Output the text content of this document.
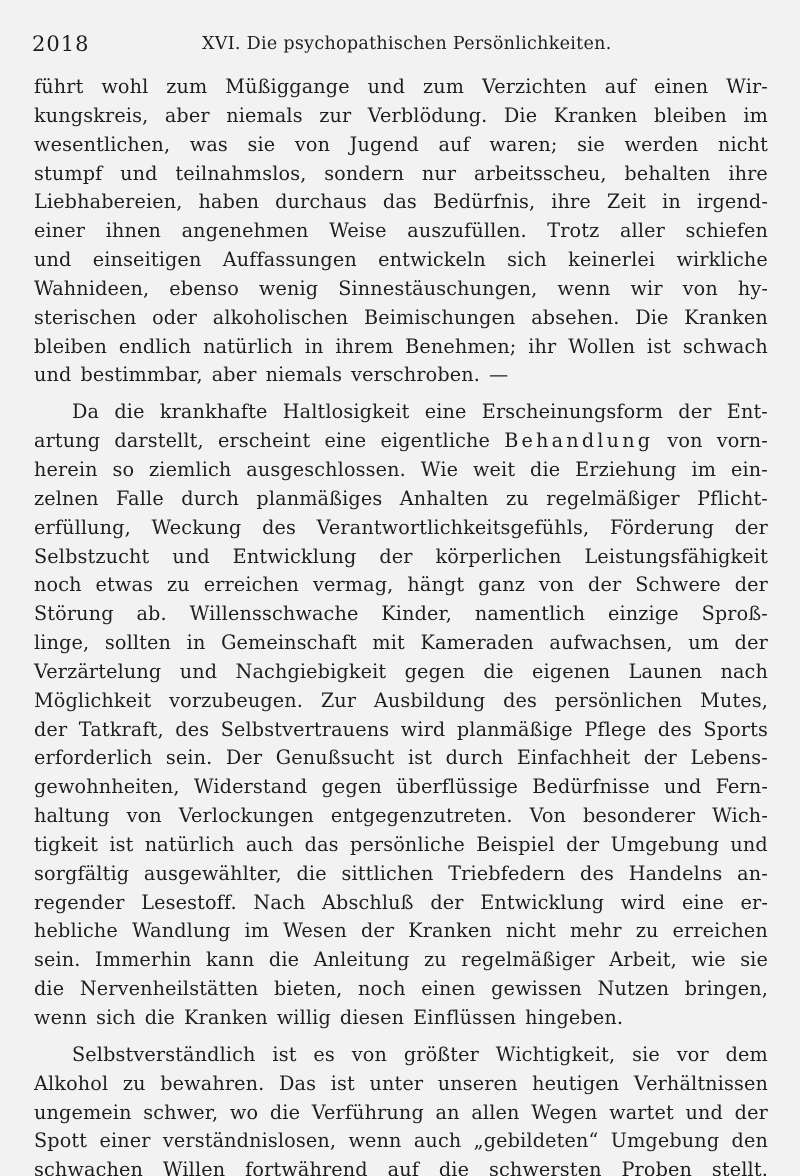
2018	XVI. Die psychopathischen Persönlichkeiten.
führt wohl zum Müßiggange und zum Verzichten auf einen Wir-
kungskreis, aber niemals zur Verblödung. Die Kranken bleiben im
wesentlichen, was sie von Jugend auf waren; sie werden nicht
stumpf und teilnahmslos, sondern nur arbeitsscheu, behalten ihre
Liebhabereien, haben durchaus das Bedürfnis, ihre Zeit in irgend-
einer ihnen angenehmen Weise auszufüllen. Trotz aller schiefen
und einseitigen Auffassungen entwickeln sich keinerlei wirkliche
Wahnideen, ebenso wenig Sinnestäuschungen, wenn wir von hy-
sterischen oder alkoholischen Beimischungen absehen. Die Kranken
bleiben endlich natürlich in ihrem Benehmen; ihr Wollen ist schwach
und bestimmbar, aber niemals verschroben. —
Da die krankhafte Haltlosigkeit eine Erscheinungsform der Ent-
artung darstellt, erscheint eine eigentliche Behandlung von vorn-
herein so ziemlich ausgeschlossen. Wie weit die Erziehung im ein-
zelnen Falle durch planmäßiges Anhalten zu regelmäßiger Pflicht-
erfüllung, Weckung des Verantwortlichkeitsgefühls, Förderung der
Selbstzucht und Entwicklung der körperlichen Leistungsfähigkeit
noch etwas zu erreichen vermag, hängt ganz von der Schwere der
Störung ab. Willensschwache Kinder, namentlich einzige Sproß-
linge, sollten in Gemeinschaft mit Kameraden aufwachsen, um der
Verzärtelung und Nachgiebigkeit gegen die eigenen Launen nach
Möglichkeit vorzubeugen. Zur Ausbildung des persönlichen Mutes,
der Tatkraft, des Selbstvertrauens wird planmäßige Pflege des Sports
erforderlich sein. Der Genußsucht ist durch Einfachheit der Lebens-
gewohnheiten, Widerstand gegen überflüssige Bedürfnisse und Fern-
haltung von Verlockungen entgegenzutreten. Von besonderer Wich-
tigkeit ist natürlich auch das persönliche Beispiel der Umgebung und
sorgfältig ausgewählter, die sittlichen Triebfedern des Handelns an-
regender Lesestoff. Nach Abschluß der Entwicklung wird eine er-
hebliche Wandlung im Wesen der Kranken nicht mehr zu erreichen
sein. Immerhin kann die Anleitung zu regelmäßiger Arbeit, wie sie
die Nervenheilstätten bieten, noch einen gewissen Nutzen bringen,
wenn sich die Kranken willig diesen Einflüssen hingeben.
Selbstverständlich ist es von größter Wichtigkeit, sie vor dem
Alkohol zu bewahren. Das ist unter unseren heutigen Verhältnissen
ungemein schwer, wo die Verführung an allen Wegen wartet und der
Spott einer verständnislosen, wenn auch „gebildeten“ Umgebung den
schwachen Willen fortwährend auf die schwersten Proben stellt.
